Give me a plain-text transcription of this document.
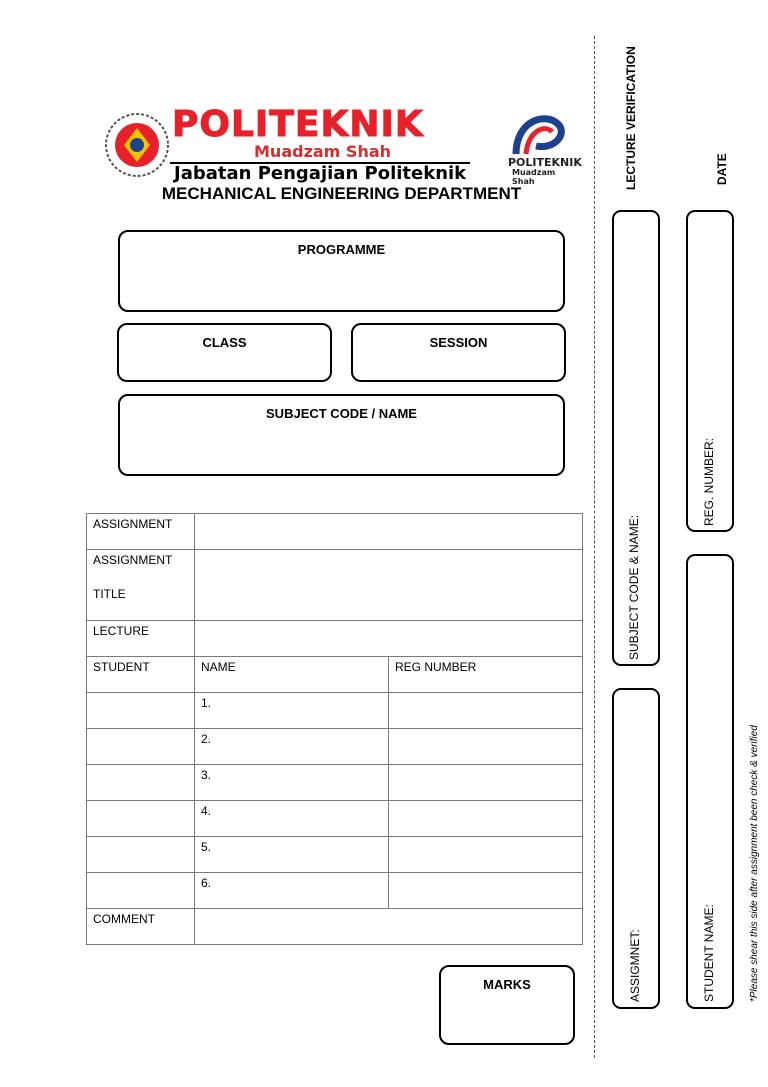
POLITEKNIK
Muadzam Shah
Jabatan Pengajian Politeknik
POLITEKNIK
Muadzam Shah
MECHANICAL ENGINEERING DEPARTMENT
PROGRAMME
CLASS	SESSION
SUBJECT CODE / NAME
ASSIGNMENT		
ASSIGNMENT
TITLE		

LECTURE		
STUDENT	NAME	REG NUMBER
	1.	
	2.	
	3.	
	4.	
	5.	
	6.	
COMMENT		
MARKS
LECTURE VERIFICATION	DATE
SUBJECT CODE & NAME:
REG. NUMBER:
ASSIGMNET:	STUDENT NAME:	*Please shear this side after assignment been check & verified
